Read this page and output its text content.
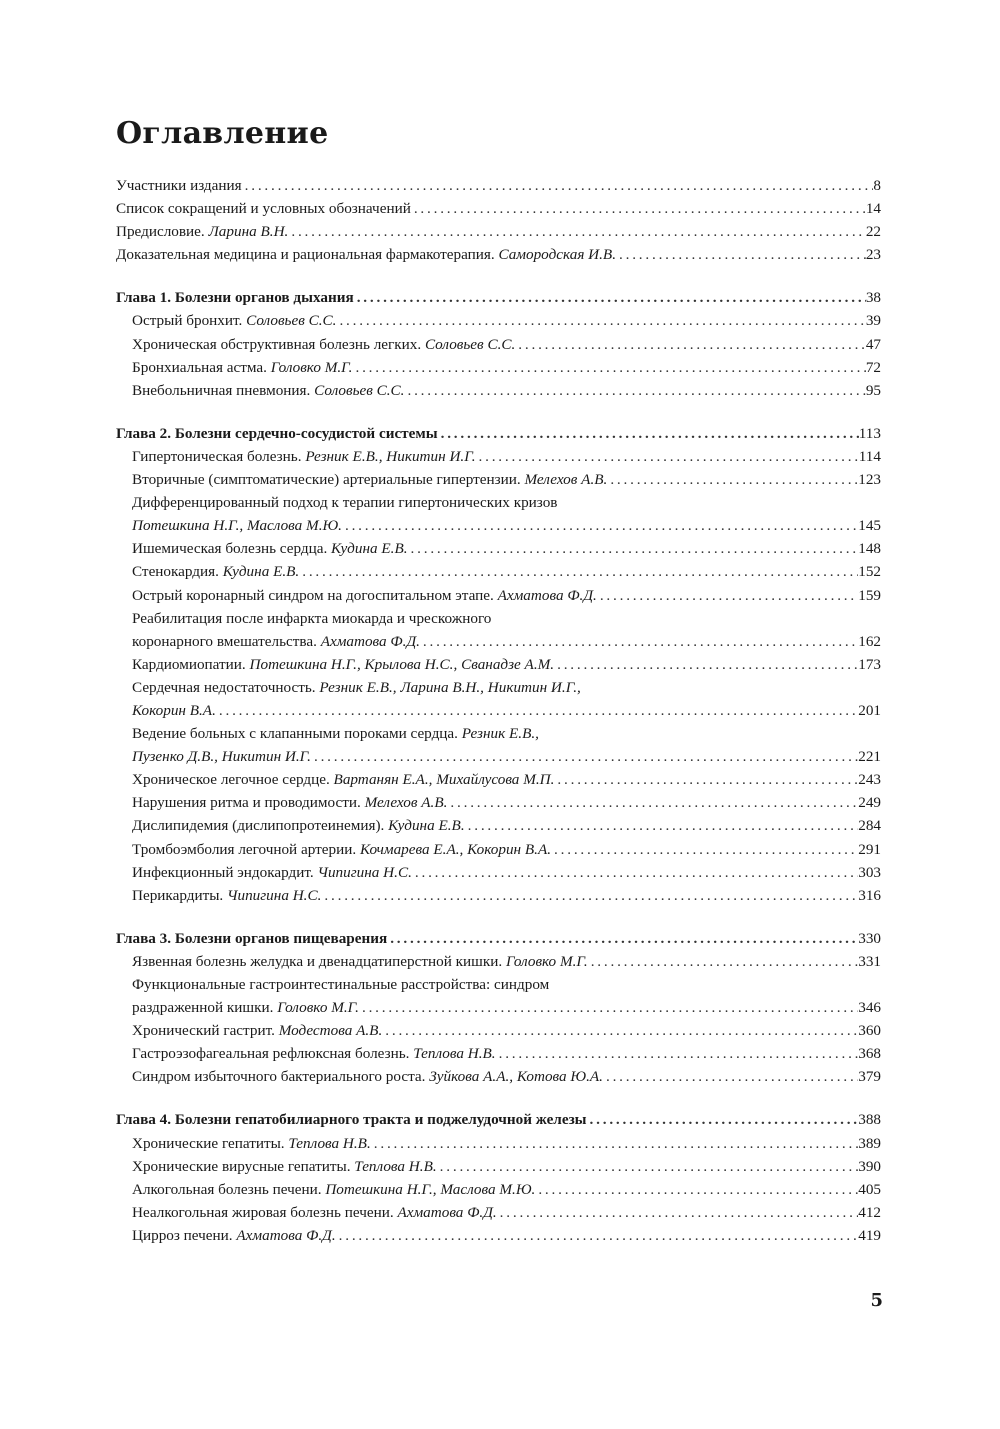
Оглавление
Участники издания . . .	8
Список сокращений и условных обозначений . . .	14
Предисловие. Ларина В.Н. . . .	22
Доказательная медицина и рациональная фармакотерапия. Самородская И.В. . . .	23
Глава 1. Болезни органов дыхания . . .	38
Острый бронхит. Соловьев С.С. . . .	39
Хроническая обструктивная болезнь легких. Соловьев С.С. . . .	47
Бронхиальная астма. Головко М.Г. . . .	72
Внебольничная пневмония. Соловьев С.С. . . .	95
Глава 2. Болезни сердечно-сосудистой системы . . .	113
Гипертоническая болезнь. Резник Е.В., Никитин И.Г. . . .	114
Вторичные (симптоматические) артериальные гипертензии. Мелехов А.В. . . .	123
Дифференцированный подход к терапии гипертонических кризов
Потешкина Н.Г., Маслова М.Ю. . . .	145
Ишемическая болезнь сердца. Кудина Е.В. . . .	148
Стенокардия. Кудина Е.В. . . .	152
Острый коронарный синдром на догоспитальном этапе. Ахматова Ф.Д. . . .	159
Реабилитация после инфаркта миокарда и чрескожного
коронарного вмешательства. Ахматова Ф.Д. . . .	162
Кардиомиопатии. Потешкина Н.Г., Крылова Н.С., Сванадзе А.М. . . .	173
Сердечная недостаточность. Резник Е.В., Ларина В.Н., Никитин И.Г.,
Кокорин В.А. . . .	201
Ведение больных с клапанными пороками сердца. Резник Е.В.,
Пузенко Д.В., Никитин И.Г. . . .	221
Хроническое легочное сердце. Вартанян Е.А., Михайлусова М.П. . . .	243
Нарушения ритма и проводимости. Мелехов А.В. . . .	249
Дислипидемия (дислипопротеинемия). Кудина Е.В. . . .	284
Тромбоэмболия легочной артерии. Кочмарева Е.А., Кокорин В.А. . . .	291
Инфекционный эндокардит. Чипигина Н.С. . . .	303
Перикардиты. Чипигина Н.С. . . .	316
Глава 3. Болезни органов пищеварения . . .	330
Язвенная болезнь желудка и двенадцатиперстной кишки. Головко М.Г. . . .	331
Функциональные гастроинтестинальные расстройства: синдром
раздраженной кишки. Головко М.Г. . . .	346
Хронический гастрит. Модестова А.В. . . .	360
Гастроэзофагеальная рефлюксная болезнь. Теплова Н.В. . . .	368
Синдром избыточного бактериального роста. Зуйкова А.А., Котова Ю.А. . . .	379
Глава 4. Болезни гепатобилиарного тракта и поджелудочной железы . . .	388
Хронические гепатиты. Теплова Н.В. . . .	389
Хронические вирусные гепатиты. Теплова Н.В. . . .	390
Алкогольная болезнь печени. Потешкина Н.Г., Маслова М.Ю. . . .	405
Неалкогольная жировая болезнь печени. Ахматова Ф.Д. . . .	412
Цирроз печени. Ахматова Ф.Д. . . .	419
5
